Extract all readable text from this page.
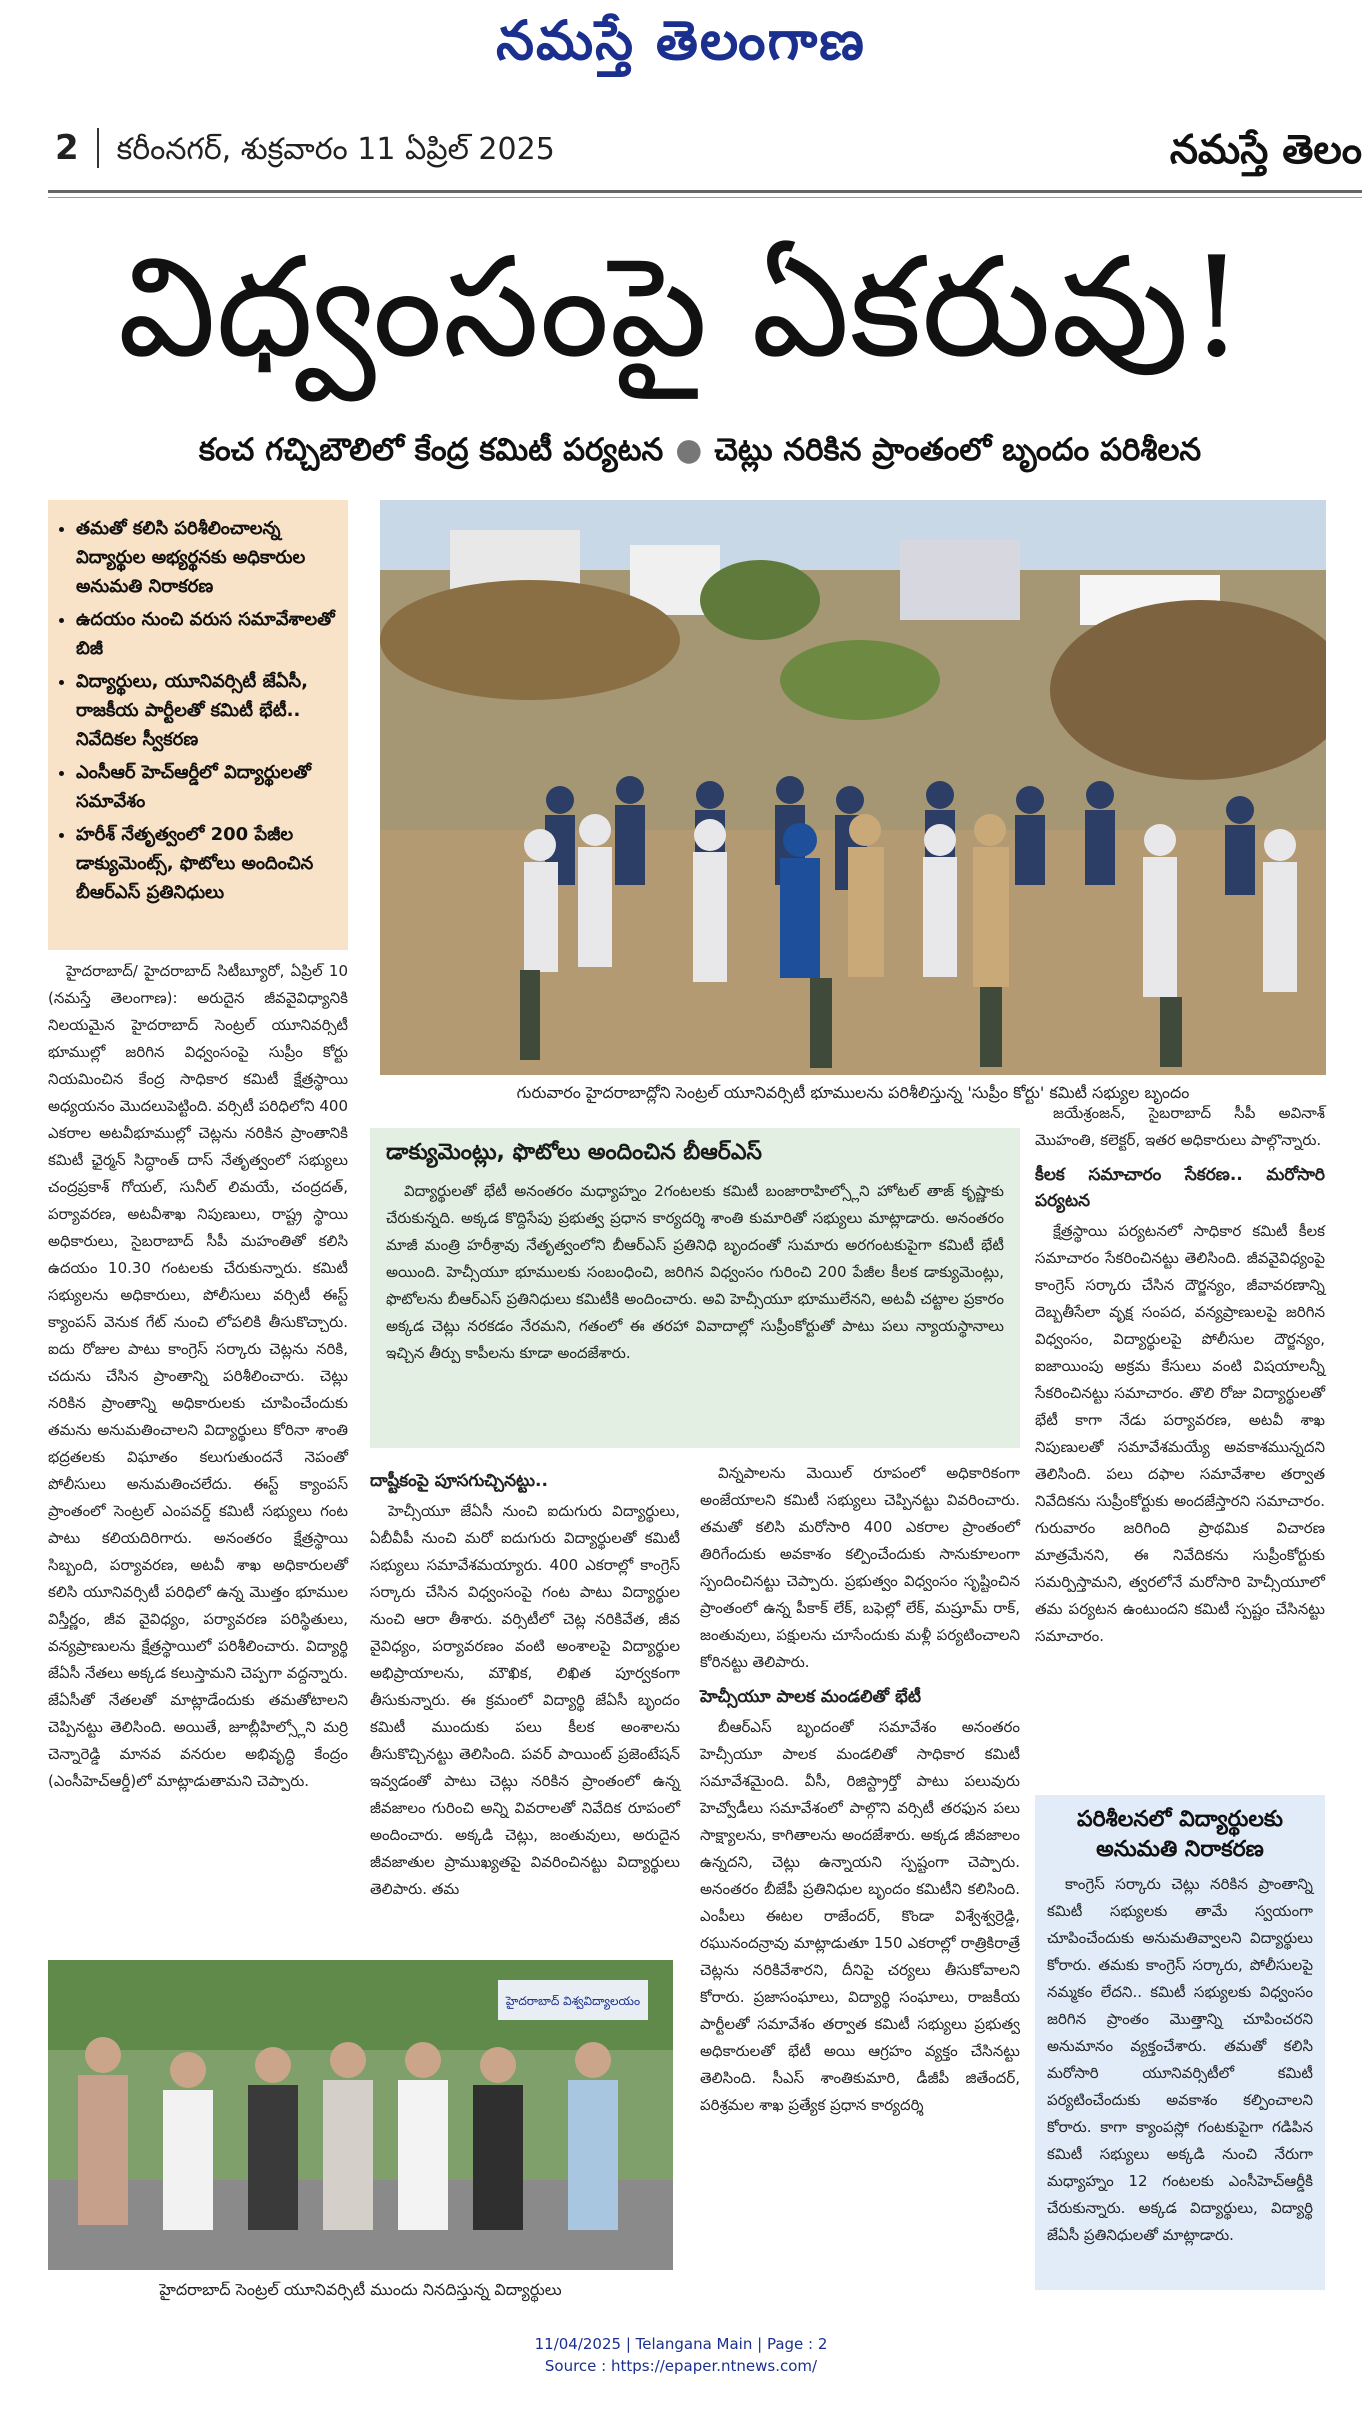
నమస్తే తెలంగాణ
2 కరీంనగర్, శుక్రవారం 11 ఏప్రిల్ 2025	నమస్తే తెలం
విధ్వంసంపై ఏకరువు!
కంచ గచ్చిబౌలిలో కేంద్ర కమిటీ పర్యటన ● చెట్లు నరికిన ప్రాంతంలో బృందం పరిశీలన
• తమతో కలిసి పరిశీలించాలన్న విద్యార్థుల అభ్యర్థనకు అధికారుల అనుమతి నిరాకరణ
• ఉదయం నుంచి వరుస సమావేశాలతో బిజీ
• విద్యార్థులు, యూనివర్సిటీ జేఏసీ, రాజకీయ పార్టీలతో కమిటీ భేటీ.. నివేదికల స్వీకరణ
• ఎంసీఆర్ హెచ్ఆర్డీలో విద్యార్థులతో సమావేశం
• హరీశ్ నేతృత్వంలో 200 పేజీల డాక్యుమెంట్స్, ఫొటోలు అందించిన బీఆర్ఎస్ ప్రతినిధులు
గురువారం హైదరాబాద్లోని సెంట్రల్ యూనివర్సిటీ భూములను పరిశీలిస్తున్న 'సుప్రీం కోర్టు' కమిటీ సభ్యుల బృందం

హైదరాబాద్/ హైదరాబాద్ సిటీబ్యూరో, ఏప్రిల్ 10 (నమస్తే తెలంగాణ): అరుదైన జీవవైవిధ్యానికి నిలయమైన హైదరాబాద్ సెంట్రల్ యూనివర్సిటీ భూముల్లో జరిగిన విధ్వంసంపై సుప్రీం కోర్టు నియమించిన కేంద్ర సాధికార కమిటీ క్షేత్రస్థాయి అధ్యయనం మొదలుపెట్టింది. వర్సిటీ పరిధిలోని 400 ఎకరాల అటవీభూముల్లో చెట్లను నరికిన ప్రాంతానికి కమిటీ ఛైర్మన్ సిద్ధాంత్ దాస్ నేతృత్వంలో సభ్యులు చంద్రప్రకాశ్ గోయల్, సునీల్ లిమయే, చంద్రదత్, పర్యావరణ, అటవీశాఖ నిపుణులు, రాష్ట్ర స్థాయి అధికారులు, సైబరాబాద్ సీపీ మహంతితో కలిసి ఉదయం 10.30 గంటలకు చేరుకున్నారు. కమిటీ సభ్యులను అధికారులు, పోలీసులు వర్సిటీ ఈస్ట్ క్యాంపస్ వెనుక గేట్ నుంచి లోపలికి తీసుకొచ్చారు. ఐదు రోజుల పాటు కాంగ్రెస్ సర్కారు చెట్లను నరికి, చదును చేసిన ప్రాంతాన్ని పరిశీలించారు. చెట్లు నరికిన ప్రాంతాన్ని అధికారులకు చూపించేందుకు తమను అనుమతించాలని విద్యార్థులు కోరినా శాంతి భద్రతలకు విఘాతం కలుగుతుందనే నెపంతో పోలీసులు అనుమతించలేదు. ఈస్ట్ క్యాంపస్ ప్రాంతంలో సెంట్రల్ ఎంపవర్డ్ కమిటీ సభ్యులు గంట పాటు కలియదిరిగారు. అనంతరం క్షేత్రస్థాయి సిబ్బంది, పర్యావరణ, అటవీ శాఖ అధికారులతో కలిసి యూనివర్సిటీ పరిధిలో ఉన్న మొత్తం భూముల విస్తీర్ణం, జీవ వైవిధ్యం, పర్యావరణ పరిస్థితులు, వన్యప్రాణులను క్షేత్రస్థాయిలో పరిశీలించారు. విద్యార్థి జేఏసీ నేతలు అక్కడ కలుస్తామని చెప్పగా వద్దన్నారు. జేఏసీతో నేతలతో మాట్లాడేందుకు తమతోటాలని చెప్పినట్టు తెలిసింది. అయితే, జూబ్లీహిల్స్లోని మర్రి చెన్నారెడ్డి మానవ వనరుల అభివృద్ధి కేంద్రం (ఎంసీహెచ్ఆర్డీ)లో మాట్లాడుతామని చెప్పారు.

డాక్యుమెంట్లు, ఫొటోలు అందించిన బీఆర్ఎస్

విద్యార్థులతో భేటీ అనంతరం మధ్యాహ్నం 2గంటలకు కమిటీ బంజారాహిల్స్లోని హోటల్ తాజ్ కృష్ణాకు చేరుకున్నది. అక్కడ కొద్దిసేపు ప్రభుత్వ ప్రధాన కార్యదర్శి శాంతి కుమారితో సభ్యులు మాట్లాడారు. అనంతరం మాజీ మంత్రి హరీశ్రావు నేతృత్వంలోని బీఆర్ఎస్ ప్రతినిధి బృందంతో సుమారు అరగంటకుపైగా కమిటీ భేటీ అయింది. హెచ్సీయూ భూములకు సంబంధించి, జరిగిన విధ్వంసం గురించి 200 పేజీల కీలక డాక్యుమెంట్లు, ఫొటోలను బీఆర్ఎస్ ప్రతినిధులు కమిటీకి అందించారు. అవి హెచ్సీయూ భూములేనని, అటవీ చట్టాల ప్రకారం అక్కడ చెట్లు నరకడం నేరమని, గతంలో ఈ తరహా వివాదాల్లో సుప్రీంకోర్టుతో పాటు పలు న్యాయస్థానాలు ఇచ్చిన తీర్పు కాపీలను కూడా అందజేశారు.

దాష్టీకంపై పూసగుచ్చినట్టు..

హెచ్సీయూ జేఏసీ నుంచి ఐదుగురు విద్యార్థులు, ఏబీవీపీ నుంచి మరో ఐదుగురు విద్యార్థులతో కమిటీ సభ్యులు సమావేశమయ్యారు. 400 ఎకరాల్లో కాంగ్రెస్ సర్కారు చేసిన విధ్వంసంపై గంట పాటు విద్యార్థుల నుంచి ఆరా తీశారు. వర్సిటీలో చెట్ల నరికివేత, జీవ వైవిధ్యం, పర్యావరణం వంటి అంశాలపై విద్యార్థుల అభిప్రాయాలను, మౌఖిక, లిఖిత పూర్వకంగా తీసుకున్నారు. ఈ క్రమంలో విద్యార్థి జేఏసీ బృందం కమిటీ ముందుకు పలు కీలక అంశాలను తీసుకొచ్చినట్టు తెలిసింది. పవర్ పాయింట్ ప్రజెంటేషన్ ఇవ్వడంతో పాటు చెట్లు నరికిన ప్రాంతంలో ఉన్న జీవజాలం గురించి అన్ని వివరాలతో నివేదిక రూపంలో అందించారు. అక్కడి చెట్లు, జంతువులు, అరుదైన జీవజాతుల ప్రాముఖ్యతపై వివరించినట్టు విద్యార్థులు తెలిపారు. తమ

విన్నపాలను మెయిల్ రూపంలో అధికారికంగా అంజేయాలని కమిటీ సభ్యులు చెప్పినట్టు వివరించారు. తమతో కలిసి మరోసారి 400 ఎకరాల ప్రాంతంలో తిరిగేందుకు అవకాశం కల్పించేందుకు సానుకూలంగా స్పందించినట్టు చెప్పారు. ప్రభుత్వం విధ్వంసం సృష్టించిన ప్రాంతంలో ఉన్న పీకాక్ లేక్, బఫెల్లో లేక్, మష్రూమ్ రాక్, జంతువులు, పక్షులను చూసేందుకు మళ్లీ పర్యటించాలని కోరినట్టు తెలిపారు.

హెచ్సీయూ పాలక మండలితో భేటీ

బీఆర్ఎస్ బృందంతో సమావేశం అనంతరం హెచ్సీయూ పాలక మండలితో సాధికార కమిటీ సమావేశమైంది. వీసీ, రిజిస్ట్రార్తో పాటు పలువురు హెచ్వోడీలు సమావేశంలో పాల్గొని వర్సిటీ తరఫున పలు సాక్ష్యాలను, కాగితాలను అందజేశారు. అక్కడ జీవజాలం ఉన్నదని, చెట్లు ఉన్నాయని స్పష్టంగా చెప్పారు. అనంతరం బీజేపీ ప్రతినిధుల బృందం కమిటీని కలిసింది. ఎంపీలు ఈటల రాజేందర్, కొండా విశ్వేశ్వర్రెడ్డి, రఘునందన్రావు మాట్లాడుతూ 150 ఎకరాల్లో రాత్రికిరాత్రే చెట్లను నరికివేశారని, దీనిపై చర్యలు తీసుకోవాలని కోరారు. ప్రజాసంఘాలు, విద్యార్థి సంఘాలు, రాజకీయ పార్టీలతో సమావేశం తర్వాత కమిటీ సభ్యులు ప్రభుత్వ అధికారులతో భేటీ అయి ఆగ్రహం వ్యక్తం చేసినట్టు తెలిసింది. సీఎస్ శాంతికుమారి, డీజీపీ జితేందర్, పరిశ్రమల శాఖ ప్రత్యేక ప్రధాన కార్యదర్శి

జయేశ్రంజన్, సైబరాబాద్ సీపీ అవినాశ్ మొహంతి, కలెక్టర్, ఇతర అధికారులు పాల్గొన్నారు.

కీలక సమాచారం సేకరణ.. మరోసారి పర్యటన

క్షేత్రస్థాయి పర్యటనలో సాధికార కమిటీ కీలక సమాచారం సేకరించినట్టు తెలిసింది. జీవవైవిధ్యంపై కాంగ్రెస్ సర్కారు చేసిన దౌర్జన్యం, జీవావరణాన్ని దెబ్బతీసేలా వృక్ష సంపద, వన్యప్రాణులపై జరిగిన విధ్వంసం, విద్యార్థులపై పోలీసుల దౌర్జన్యం, ఐజాయింపు అక్రమ కేసులు వంటి విషయాలన్నీ సేకరించినట్టు సమాచారం. తొలి రోజు విద్యార్థులతో భేటీ కాగా నేడు పర్యావరణ, అటవీ శాఖ నిపుణులతో సమావేశమయ్యే అవకాశమున్నదని తెలిసింది. పలు దఫాల సమావేశాల తర్వాత నివేదికను సుప్రీంకోర్టుకు అందజేస్తారని సమాచారం. గురువారం జరిగింది ప్రాథమిక విచారణ మాత్రమేనని, ఈ నివేదికను సుప్రీంకోర్టుకు సమర్పిస్తామని, త్వరలోనే మరోసారి హెచ్సీయూలో తమ పర్యటన ఉంటుందని కమిటీ స్పష్టం చేసినట్టు సమాచారం.

పరిశీలనలో విద్యార్థులకు అనుమతి నిరాకరణ

కాంగ్రెస్ సర్కారు చెట్లు నరికిన ప్రాంతాన్ని కమిటీ సభ్యులకు తామే స్వయంగా చూపించేందుకు అనుమతివ్వాలని విద్యార్థులు కోరారు. తమకు కాంగ్రెస్ సర్కారు, పోలీసులపై నమ్మకం లేదని.. కమిటీ సభ్యులకు విధ్వంసం జరిగిన ప్రాంతం మొత్తాన్ని చూపించరని అనుమానం వ్యక్తంచేశారు. తమతో కలిసి మరోసారి యూనివర్సిటీలో కమిటీ పర్యటించేందుకు అవకాశం కల్పించాలని కోరారు. కాగా క్యాంపస్లో గంటకుపైగా గడిపిన కమిటీ సభ్యులు అక్కడి నుంచి నేరుగా మధ్యాహ్నం 12 గంటలకు ఎంసీహెచ్ఆర్డీకి చేరుకున్నారు. అక్కడ విద్యార్థులు, విద్యార్థి జేఏసీ ప్రతినిధులతో మాట్లాడారు.

హైదరాబాద్ విశ్వవిద్యాలయం
హైదరాబాద్ సెంట్రల్ యూనివర్సిటీ ముందు నినదిస్తున్న విద్యార్థులు
11/04/2025 | Telangana Main | Page : 2
Source : https://epaper.ntnews.com/
